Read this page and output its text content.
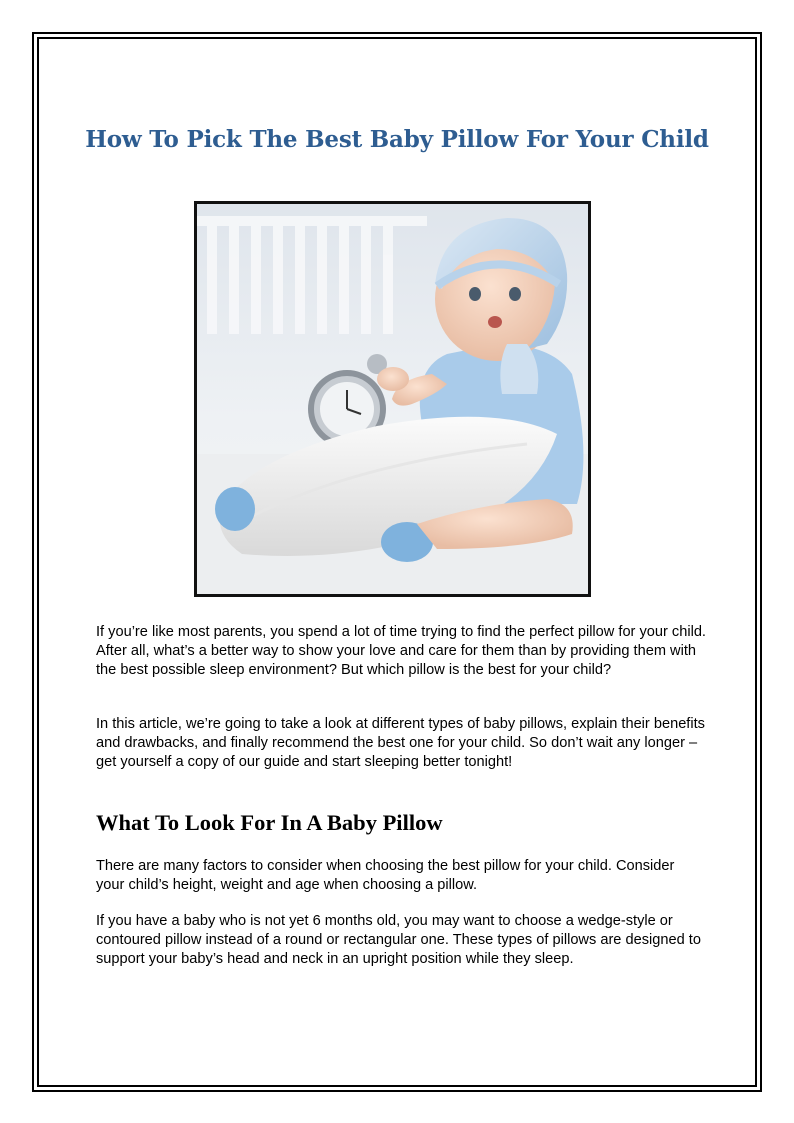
How To Pick The Best Baby Pillow For Your Child

If you’re like most parents, you spend a lot of time trying to find the perfect pillow for your child. After all, what’s a better way to show your love and care for them than by providing them with the best possible sleep environment? But which pillow is the best for your child?

In this article, we’re going to take a look at different types of baby pillows, explain their benefits and drawbacks, and finally recommend the best one for your child. So don’t wait any longer – get yourself a copy of our guide and start sleeping better tonight!

What To Look For In A Baby Pillow

There are many factors to consider when choosing the best pillow for your child. Consider your child’s height, weight and age when choosing a pillow.

If you have a baby who is not yet 6 months old, you may want to choose a wedge-style or contoured pillow instead of a round or rectangular one. These types of pillows are designed to support your baby’s head and neck in an upright position while they sleep.
